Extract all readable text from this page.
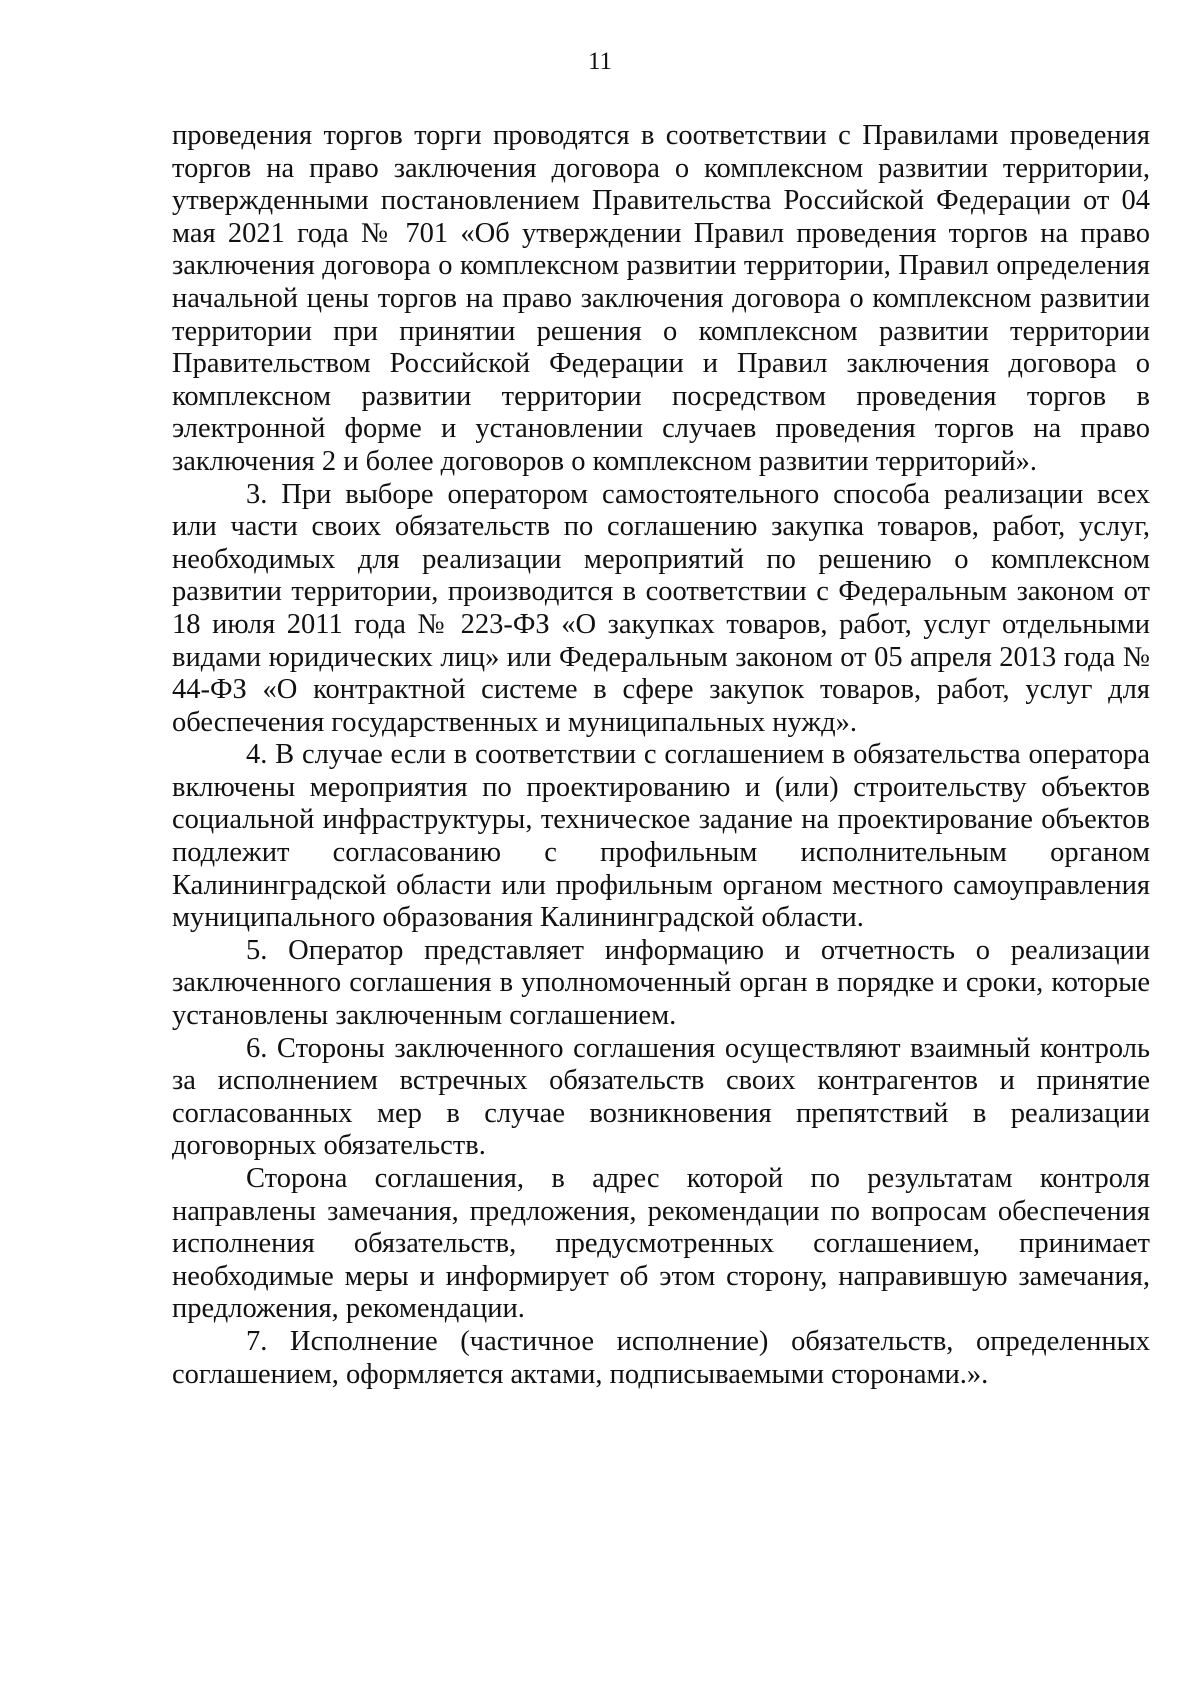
11

проведения торгов торги проводятся в соответствии с Правилами проведения торгов на право заключения договора о комплексном развитии территории, утвержденными постановлением Правительства Российской Федерации от 04 мая 2021 года № 701 «Об утверждении Правил проведения торгов на право заключения договора о комплексном развитии территории, Правил определения начальной цены торгов на право заключения договора о комплексном развитии территории при принятии решения о комплексном развитии территории Правительством Российской Федерации и Правил заключения договора о комплексном развитии территории посредством проведения торгов в электронной форме и установлении случаев проведения торгов на право заключения 2 и более договоров о комплексном развитии территорий».

3. При выборе оператором самостоятельного способа реализации всех или части своих обязательств по соглашению закупка товаров, работ, услуг, необходимых для реализации мероприятий по решению о комплексном развитии территории, производится в соответствии с Федеральным законом от 18 июля 2011 года № 223-ФЗ «О закупках товаров, работ, услуг отдельными видами юридических лиц» или Федеральным законом от 05 апреля 2013 года № 44-ФЗ «О контрактной системе в сфере закупок товаров, работ, услуг для обеспечения государственных и муниципальных нужд».

4. В случае если в соответствии с соглашением в обязательства оператора включены мероприятия по проектированию и (или) строительству объектов социальной инфраструктуры, техническое задание на проектирование объектов подлежит согласованию с профильным исполнительным органом Калининградской области или профильным органом местного самоуправления муниципального образования Калининградской области.

5. Оператор представляет информацию и отчетность о реализации заключенного соглашения в уполномоченный орган в порядке и сроки, которые установлены заключенным соглашением.

6. Стороны заключенного соглашения осуществляют взаимный контроль за исполнением встречных обязательств своих контрагентов и принятие согласованных мер в случае возникновения препятствий в реализации договорных обязательств.

Сторона соглашения, в адрес которой по результатам контроля направлены замечания, предложения, рекомендации по вопросам обеспечения исполнения обязательств, предусмотренных соглашением, принимает необходимые меры и информирует об этом сторону, направившую замечания, предложения, рекомендации.

7. Исполнение (частичное исполнение) обязательств, определенных соглашением, оформляется актами, подписываемыми сторонами.».
